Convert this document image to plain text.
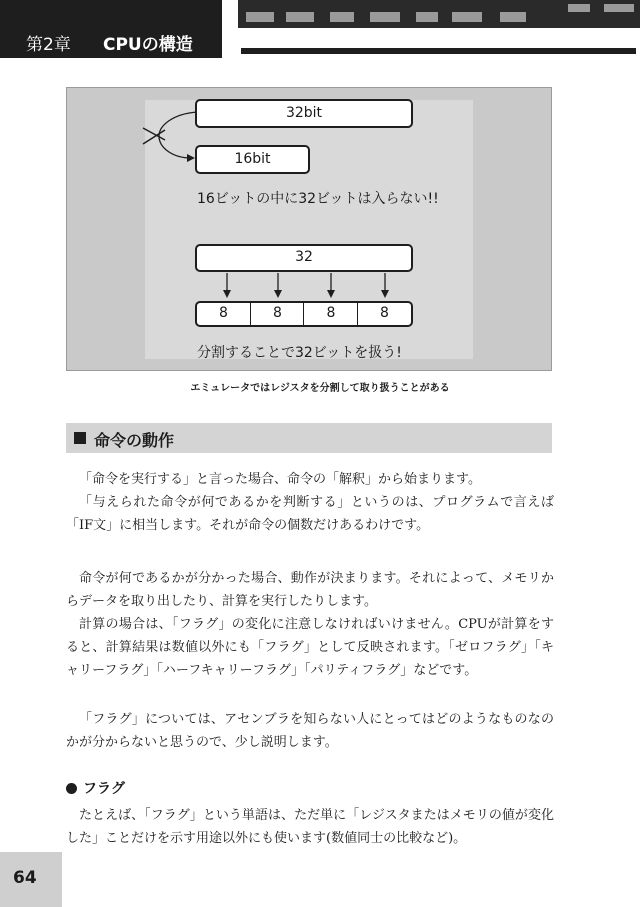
第2章 CPUの構造
32bit
16bit
16ビットの中に32ビットは入らない!!
32
8	8	8	8
分割することで32ビットを扱う!
エミュレータではレジスタを分割して取り扱うことがある
命令の動作

「命令を実行する」と言った場合、命令の「解釈」から始まります。

「与えられた命令が何であるかを判断する」というのは、プログラムで言えば「IF文」に相当します。それが命令の個数だけあるわけです。

命令が何であるかが分かった場合、動作が決まります。それによって、メモリからデータを取り出したり、計算を実行したりします。

計算の場合は、「フラグ」の変化に注意しなければいけません。CPUが計算をすると、計算結果は数値以外にも「フラグ」として反映されます。「ゼロフラグ」「キャリーフラグ」「ハーフキャリーフラグ」「パリティフラグ」などです。

「フラグ」については、アセンブラを知らない人にとってはどのようなものなのかが分からないと思うので、少し説明します。

フラグ

たとえば、「フラグ」という単語は、ただ単に「レジスタまたはメモリの値が変化した」ことだけを示す用途以外にも使います(数値同士の比較など)。

64
